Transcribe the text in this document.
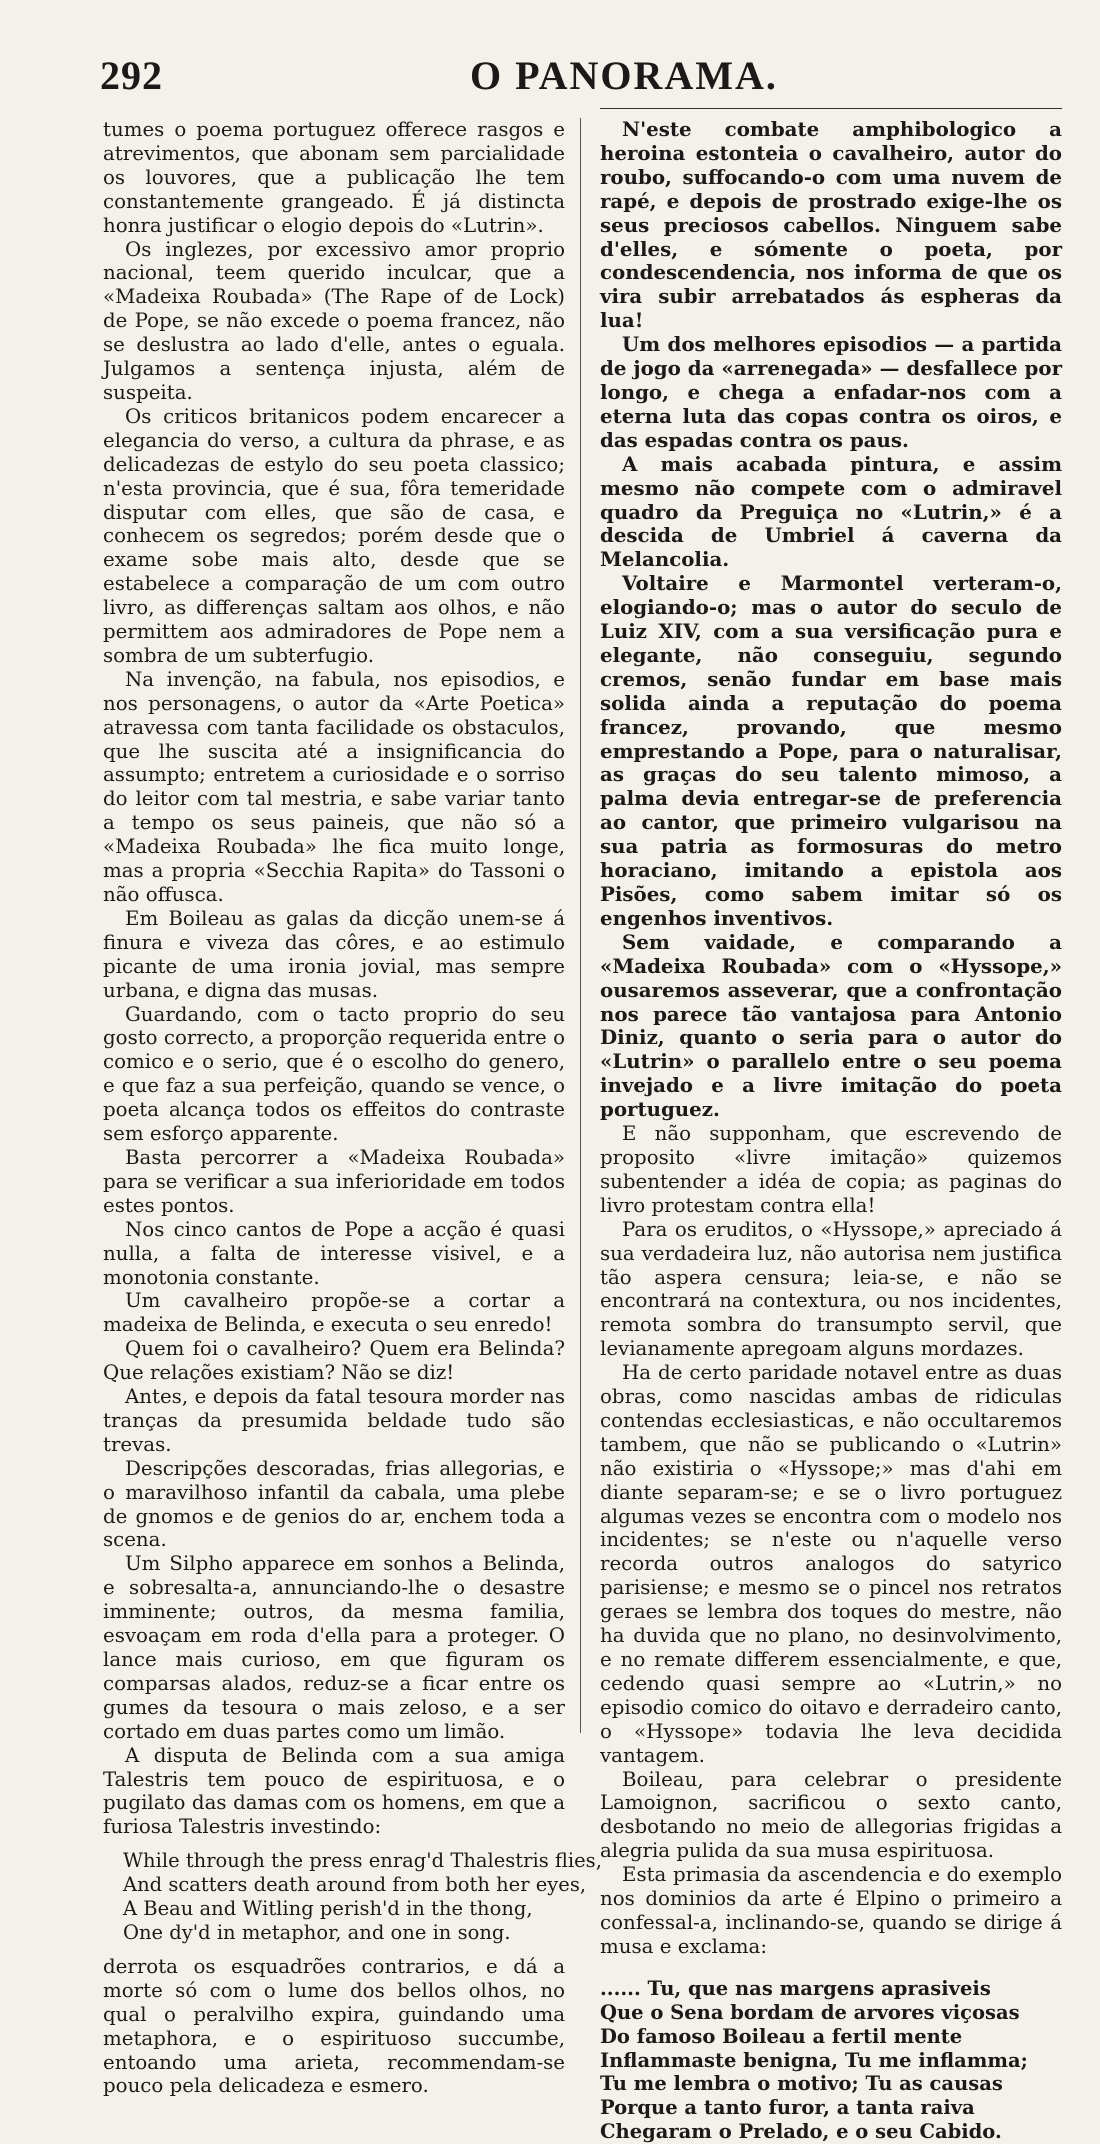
292	O PANORAMA.

tumes o poema portuguez offerece rasgos e atrevimentos, que abonam sem parcialidade os louvores, que a publicação lhe tem constantemente grangeado. É já distincta honra justificar o elogio depois do «Lutrin».

Os inglezes, por excessivo amor proprio nacional, teem querido inculcar, que a «Madeixa Roubada» (The Rape of de Lock) de Pope, se não excede o poema francez, não se deslustra ao lado d'elle, antes o eguala. Julgamos a sentença injusta, além de suspeita.

Os criticos britanicos podem encarecer a elegancia do verso, a cultura da phrase, e as delicadezas de estylo do seu poeta classico; n'esta provincia, que é sua, fôra temeridade disputar com elles, que são de casa, e conhecem os segredos; porém desde que o exame sobe mais alto, desde que se estabelece a comparação de um com outro livro, as differenças saltam aos olhos, e não permittem aos admiradores de Pope nem a sombra de um subterfugio.

Na invenção, na fabula, nos episodios, e nos personagens, o autor da «Arte Poetica» atravessa com tanta facilidade os obstaculos, que lhe suscita até a insignificancia do assumpto; entretem a curiosidade e o sorriso do leitor com tal mestria, e sabe variar tanto a tempo os seus paineis, que não só a «Madeixa Roubada» lhe fica muito longe, mas a propria «Secchia Rapita» do Tassoni o não offusca.

Em Boileau as galas da dicção unem-se á finura e viveza das côres, e ao estimulo picante de uma ironia jovial, mas sempre urbana, e digna das musas.

Guardando, com o tacto proprio do seu gosto correcto, a proporção requerida entre o comico e o serio, que é o escolho do genero, e que faz a sua perfeição, quando se vence, o poeta alcança todos os effeitos do contraste sem esforço apparente.

Basta percorrer a «Madeixa Roubada» para se verificar a sua inferioridade em todos estes pontos.

Nos cinco cantos de Pope a acção é quasi nulla, a falta de interesse visivel, e a monotonia constante.

Um cavalheiro propõe-se a cortar a madeixa de Belinda, e executa o seu enredo!

Quem foi o cavalheiro? Quem era Belinda? Que relações existiam? Não se diz!

Antes, e depois da fatal tesoura morder nas tranças da presumida beldade tudo são trevas.

Descripções descoradas, frias allegorias, e o maravilhoso infantil da cabala, uma plebe de gnomos e de genios do ar, enchem toda a scena.

Um Silpho apparece em sonhos a Belinda, e sobresalta-a, annunciando-lhe o desastre imminente; outros, da mesma familia, esvoaçam em roda d'ella para a proteger. O lance mais curioso, em que figuram os comparsas alados, reduz-se a ficar entre os gumes da tesoura o mais zeloso, e a ser cortado em duas partes como um limão.

A disputa de Belinda com a sua amiga Talestris tem pouco de espirituosa, e o pugilato das damas com os homens, em que a furiosa Talestris investindo:

While through the press enrag'd Thalestris flies,
And scatters death around from both her eyes,
A Beau and Witling perish'd in the thong,
One dy'd in metaphor, and one in song.

derrota os esquadrões contrarios, e dá a morte só com o lume dos bellos olhos, no qual o peralvilho expira, guindando uma metaphora, e o espirituoso succumbe, entoando uma arieta, recommendam-se pouco pela delicadeza e esmero.

N'este combate amphibologico a heroina estonteia o cavalheiro, autor do roubo, suffocando-o com uma nuvem de rapé, e depois de prostrado exige-lhe os seus preciosos cabellos. Ninguem sabe d'elles, e sómente o poeta, por condescendencia, nos informa de que os vira subir arrebatados ás espheras da lua!

Um dos melhores episodios — a partida de jogo da «arrenegada» — desfallece por longo, e chega a enfadar-nos com a eterna luta das copas contra os oiros, e das espadas contra os paus.

A mais acabada pintura, e assim mesmo não compete com o admiravel quadro da Preguiça no «Lutrin,» é a descida de Umbriel á caverna da Melancolia.

Voltaire e Marmontel verteram-o, elogiando-o; mas o autor do seculo de Luiz XIV, com a sua versificação pura e elegante, não conseguiu, segundo cremos, senão fundar em base mais solida ainda a reputação do poema francez, provando, que mesmo emprestando a Pope, para o naturalisar, as graças do seu talento mimoso, a palma devia entregar-se de preferencia ao cantor, que primeiro vulgarisou na sua patria as formosuras do metro horaciano, imitando a epistola aos Pisões, como sabem imitar só os engenhos inventivos.

Sem vaidade, e comparando a «Madeixa Roubada» com o «Hyssope,» ousaremos asseverar, que a confrontação nos parece tão vantajosa para Antonio Diniz, quanto o seria para o autor do «Lutrin» o parallelo entre o seu poema invejado e a livre imitação do poeta portuguez.

E não supponham, que escrevendo de proposito «livre imitação» quizemos subentender a idéa de copia; as paginas do livro protestam contra ella!

Para os eruditos, o «Hyssope,» apreciado á sua verdadeira luz, não autorisa nem justifica tão aspera censura; leia-se, e não se encontrará na contextura, ou nos incidentes, remota sombra do transumpto servil, que levianamente apregoam alguns mordazes.

Ha de certo paridade notavel entre as duas obras, como nascidas ambas de ridiculas contendas ecclesiasticas, e não occultaremos tambem, que não se publicando o «Lutrin» não existiria o «Hyssope;» mas d'ahi em diante separam-se; e se o livro portuguez algumas vezes se encontra com o modelo nos incidentes; se n'este ou n'aquelle verso recorda outros analogos do satyrico parisiense; e mesmo se o pincel nos retratos geraes se lembra dos toques do mestre, não ha duvida que no plano, no desinvolvimento, e no remate differem essencialmente, e que, cedendo quasi sempre ao «Lutrin,» no episodio comico do oitavo e derradeiro canto, o «Hyssope» todavia lhe leva decidida vantagem.

Boileau, para celebrar o presidente Lamoignon, sacrificou o sexto canto, desbotando no meio de allegorias frigidas a alegria pulida da sua musa espirituosa.

Esta primasia da ascendencia e do exemplo nos dominios da arte é Elpino o primeiro a confessal-a, inclinando-se, quando se dirige á musa e exclama:

...... Tu, que nas margens aprasiveis
Que o Sena bordam de arvores viçosas
Do famoso Boileau a fertil mente
Inflammaste benigna, Tu me inflamma;
Tu me lembra o motivo; Tu as causas
Porque a tanto furor, a tanta raiva
Chegaram o Prelado, e o seu Cabido.
